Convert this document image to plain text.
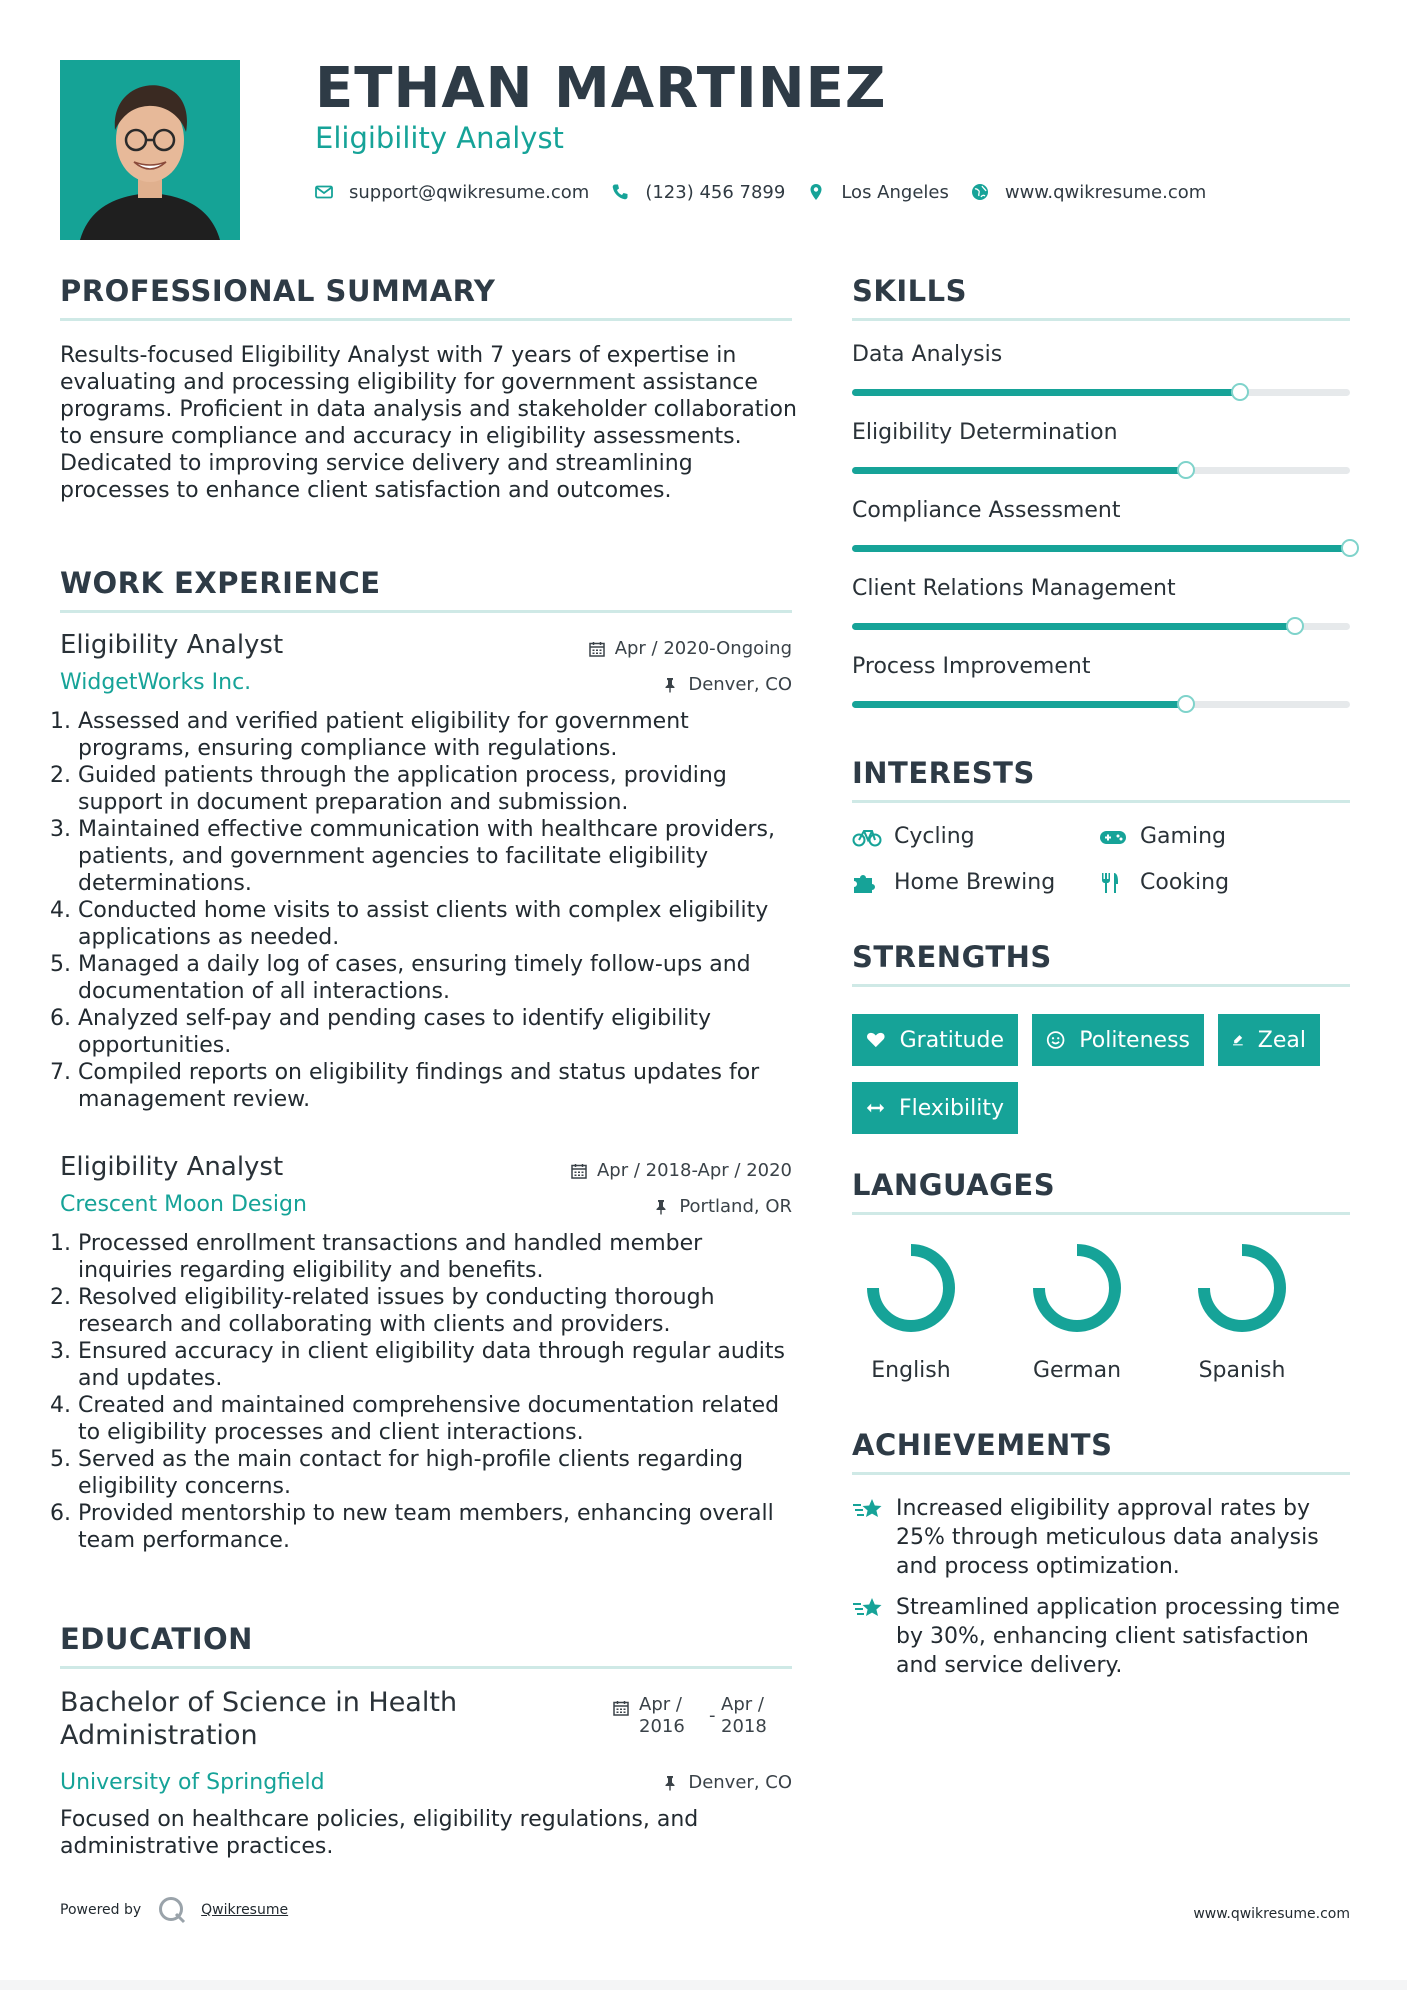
ETHAN MARTINEZ
Eligibility Analyst
support@qwikresume.com	(123) 456 7899	Los Angeles	www.qwikresume.com
PROFESSIONAL SUMMARY
Results-focused Eligibility Analyst with 7 years of expertise in evaluating and processing eligibility for government assistance programs. Proficient in data analysis and stakeholder collaboration to ensure compliance and accuracy in eligibility assessments. Dedicated to improving service delivery and streamlining processes to enhance client satisfaction and outcomes.
WORK EXPERIENCE
Eligibility Analyst	Apr / 2020-Ongoing
WidgetWorks Inc.	Denver, CO
1. Assessed and verified patient eligibility for government programs, ensuring compliance with regulations.
2. Guided patients through the application process, providing support in document preparation and submission.
3. Maintained effective communication with healthcare providers, patients, and government agencies to facilitate eligibility determinations.
4. Conducted home visits to assist clients with complex eligibility applications as needed.
5. Managed a daily log of cases, ensuring timely follow-ups and documentation of all interactions.
6. Analyzed self-pay and pending cases to identify eligibility opportunities.
7. Compiled reports on eligibility findings and status updates for management review.
Eligibility Analyst	Apr / 2018-Apr / 2020
Crescent Moon Design	Portland, OR
1. Processed enrollment transactions and handled member inquiries regarding eligibility and benefits.
2. Resolved eligibility-related issues by conducting thorough research and collaborating with clients and providers.
3. Ensured accuracy in client eligibility data through regular audits and updates.
4. Created and maintained comprehensive documentation related to eligibility processes and client interactions.
5. Served as the main contact for high-profile clients regarding eligibility concerns.
6. Provided mentorship to new team members, enhancing overall team performance.
EDUCATION
Bachelor of Science in Health Administration
Apr / 2016
-
Apr / 2018
University of Springfield	Denver, CO
Focused on healthcare policies, eligibility regulations, and administrative practices.
SKILLS
Data Analysis
Eligibility Determination
Compliance Assessment
Client Relations Management
Process Improvement
INTERESTS
Cycling	Gaming
Home Brewing	Cooking
STRENGTHS
Gratitude	Politeness	Zeal
Flexibility
LANGUAGES
English	German	Spanish
ACHIEVEMENTS
Increased eligibility approval rates by 25% through meticulous data analysis and process optimization.
Streamlined application processing time by 30%, enhancing client satisfaction and service delivery.
Powered by	Qwikresume	www.qwikresume.com
